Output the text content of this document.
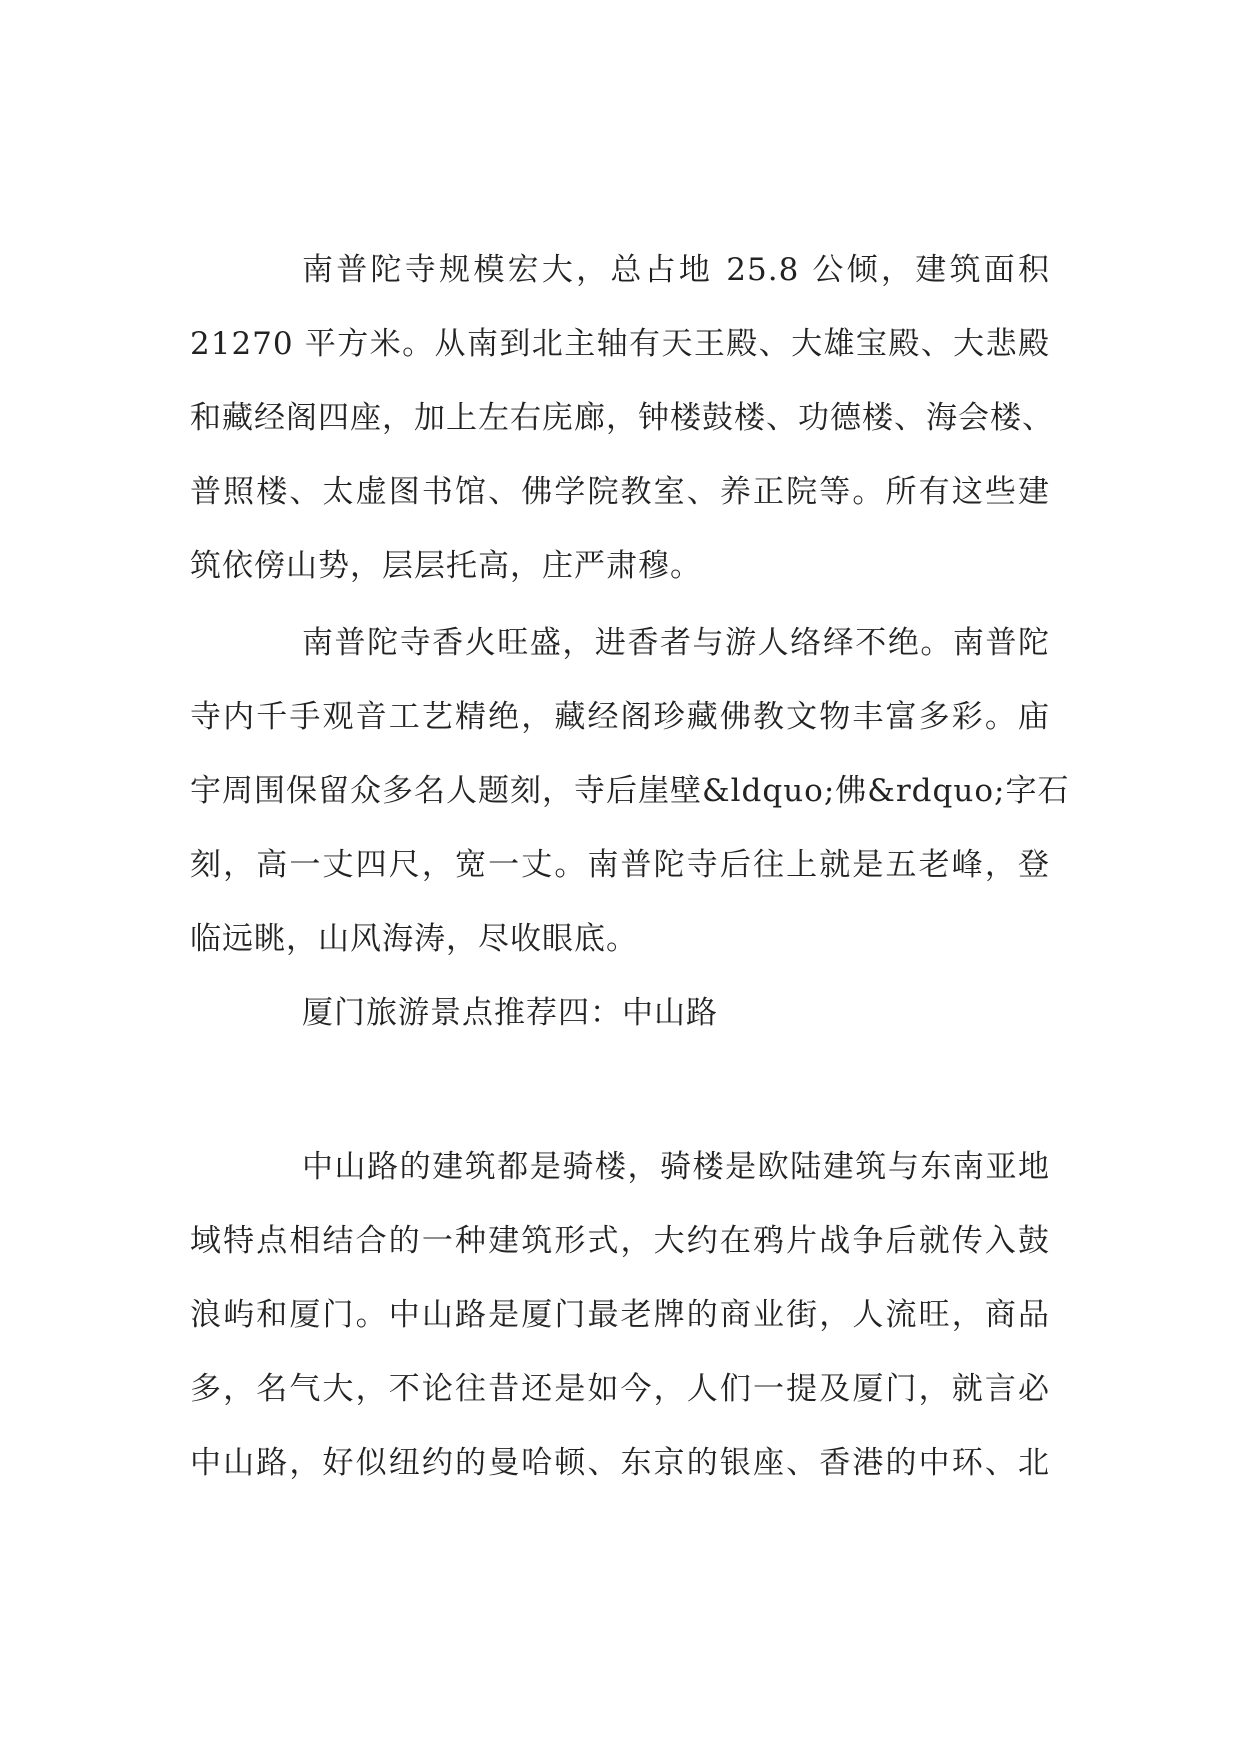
南普陀寺规模宏大，总占地 25.8 公倾，建筑面积
21270 平方米。从南到北主轴有天王殿、大雄宝殿、大悲殿
和藏经阁四座，加上左右庑廊，钟楼鼓楼、功德楼、海会楼、
普照楼、太虚图书馆、佛学院教室、养正院等。所有这些建
筑依傍山势，层层托高，庄严肃穆。
南普陀寺香火旺盛，进香者与游人络绎不绝。南普陀
寺内千手观音工艺精绝，藏经阁珍藏佛教文物丰富多彩。庙
宇周围保留众多名人题刻，寺后崖壁&ldquo;佛&rdquo;字石
刻，高一丈四尺，宽一丈。南普陀寺后往上就是五老峰，登
临远眺，山风海涛，尽收眼底。
厦门旅游景点推荐四：中山路
中山路的建筑都是骑楼，骑楼是欧陆建筑与东南亚地
域特点相结合的一种建筑形式，大约在鸦片战争后就传入鼓
浪屿和厦门。中山路是厦门最老牌的商业街，人流旺，商品
多，名气大，不论往昔还是如今，人们一提及厦门，就言必
中山路，好似纽约的曼哈顿、东京的银座、香港的中环、北
